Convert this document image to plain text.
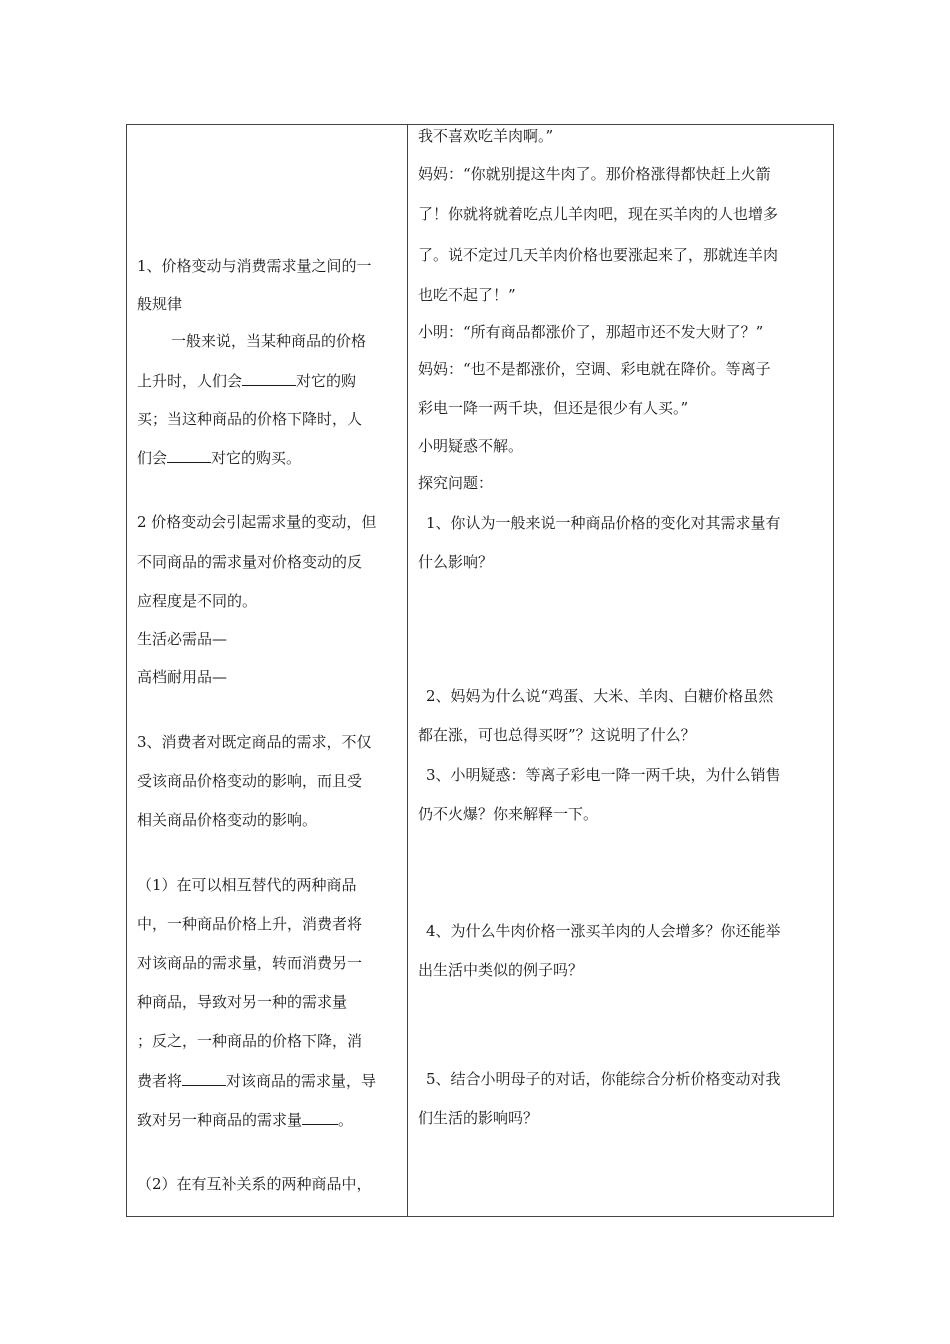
1、价格变动与消费需求量之间的一
般规律
一般来说，当某种商品的价格
上升时，人们会	对它的购
买；当这种商品的价格下降时，人
们会	对它的购买。
2 价格变动会引起需求量的变动，但
不同商品的需求量对价格变动的反
应程度是不同的。
生活必需品—
高档耐用品—
3、消费者对既定商品的需求，不仅
受该商品价格变动的影响，而且受
相关商品价格变动的影响。
（1）在可以相互替代的两种商品
中，一种商品价格上升，消费者将
对该商品的需求量，转而消费另一
种商品，导致对另一种的需求量
；反之，一种商品的价格下降，消
费者将	对该商品的需求量，导
致对另一种商品的需求量 。
（2）在有互补关系的两种商品中，
我不喜欢吃羊肉啊。”
妈妈：“你就别提这牛肉了。那价格涨得都快赶上火箭
了！你就将就着吃点儿羊肉吧，现在买羊肉的人也增多
了。说不定过几天羊肉价格也要涨起来了，那就连羊肉
也吃不起了！”
小明：“所有商品都涨价了，那超市还不发大财了？”
妈妈：“也不是都涨价，空调、彩电就在降价。等离子
彩电一降一两千块，但还是很少有人买。”
小明疑惑不解。
探究问题：
1、你认为一般来说一种商品价格的变化对其需求量有
什么影响？
2、妈妈为什么说“鸡蛋、大米、羊肉、白糖价格虽然
都在涨，可也总得买呀”？这说明了什么？
3、小明疑惑：等离子彩电一降一两千块，为什么销售
仍不火爆？你来解释一下。
4、为什么牛肉价格一涨买羊肉的人会增多？你还能举
出生活中类似的例子吗？
5、结合小明母子的对话，你能综合分析价格变动对我
们生活的影响吗？
